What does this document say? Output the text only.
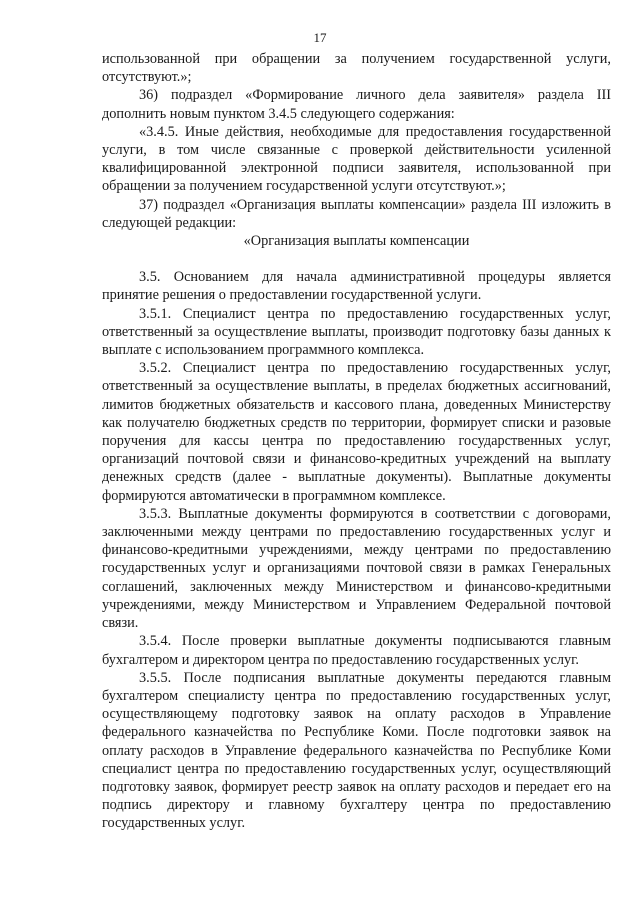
17

использованной при обращении за получением государственной услуги, отсутствуют.»;

36) подраздел «Формирование личного дела заявителя» раздела III дополнить новым пунктом 3.4.5 следующего содержания:

«3.4.5. Иные действия, необходимые для предоставления государственной услуги, в том числе связанные с проверкой действительности усиленной квалифицированной электронной подписи заявителя, использованной при обращении за получением государственной услуги отсутствуют.»;

37) подраздел «Организация выплаты компенсации» раздела III изложить в следующей редакции:

«Организация выплаты компенсации

3.5. Основанием для начала административной процедуры является принятие решения о предоставлении государственной услуги.

3.5.1. Специалист центра по предоставлению государственных услуг, ответственный за осуществление выплаты, производит подготовку базы данных к выплате с использованием программного комплекса.

3.5.2. Специалист центра по предоставлению государственных услуг, ответственный за осуществление выплаты, в пределах бюджетных ассигнований, лимитов бюджетных обязательств и кассового плана, доведенных Министерству как получателю бюджетных средств по территории, формирует списки и разовые поручения для кассы центра по предоставлению государственных услуг, организаций почтовой связи и финансово-кредитных учреждений на выплату денежных средств (далее - выплатные документы). Выплатные документы формируются автоматически в программном комплексе.

3.5.3. Выплатные документы формируются в соответствии с договорами, заключенными между центрами по предоставлению государственных услуг и финансово-кредитными учреждениями, между центрами по предоставлению государственных услуг и организациями почтовой связи в рамках Генеральных соглашений, заключенных между Министерством и финансово-кредитными учреждениями, между Министерством и Управлением Федеральной почтовой связи.

3.5.4. После проверки выплатные документы подписываются главным бухгалтером и директором центра по предоставлению государственных услуг.

3.5.5. После подписания выплатные документы передаются главным бухгалтером специалисту центра по предоставлению государственных услуг, осуществляющему подготовку заявок на оплату расходов в Управление федерального казначейства по Республике Коми. После подготовки заявок на оплату расходов в Управление федерального казначейства по Республике Коми специалист центра по предоставлению государственных услуг, осуществляющий подготовку заявок, формирует реестр заявок на оплату расходов и передает его на подпись директору и главному бухгалтеру центра по предоставлению государственных услуг.
